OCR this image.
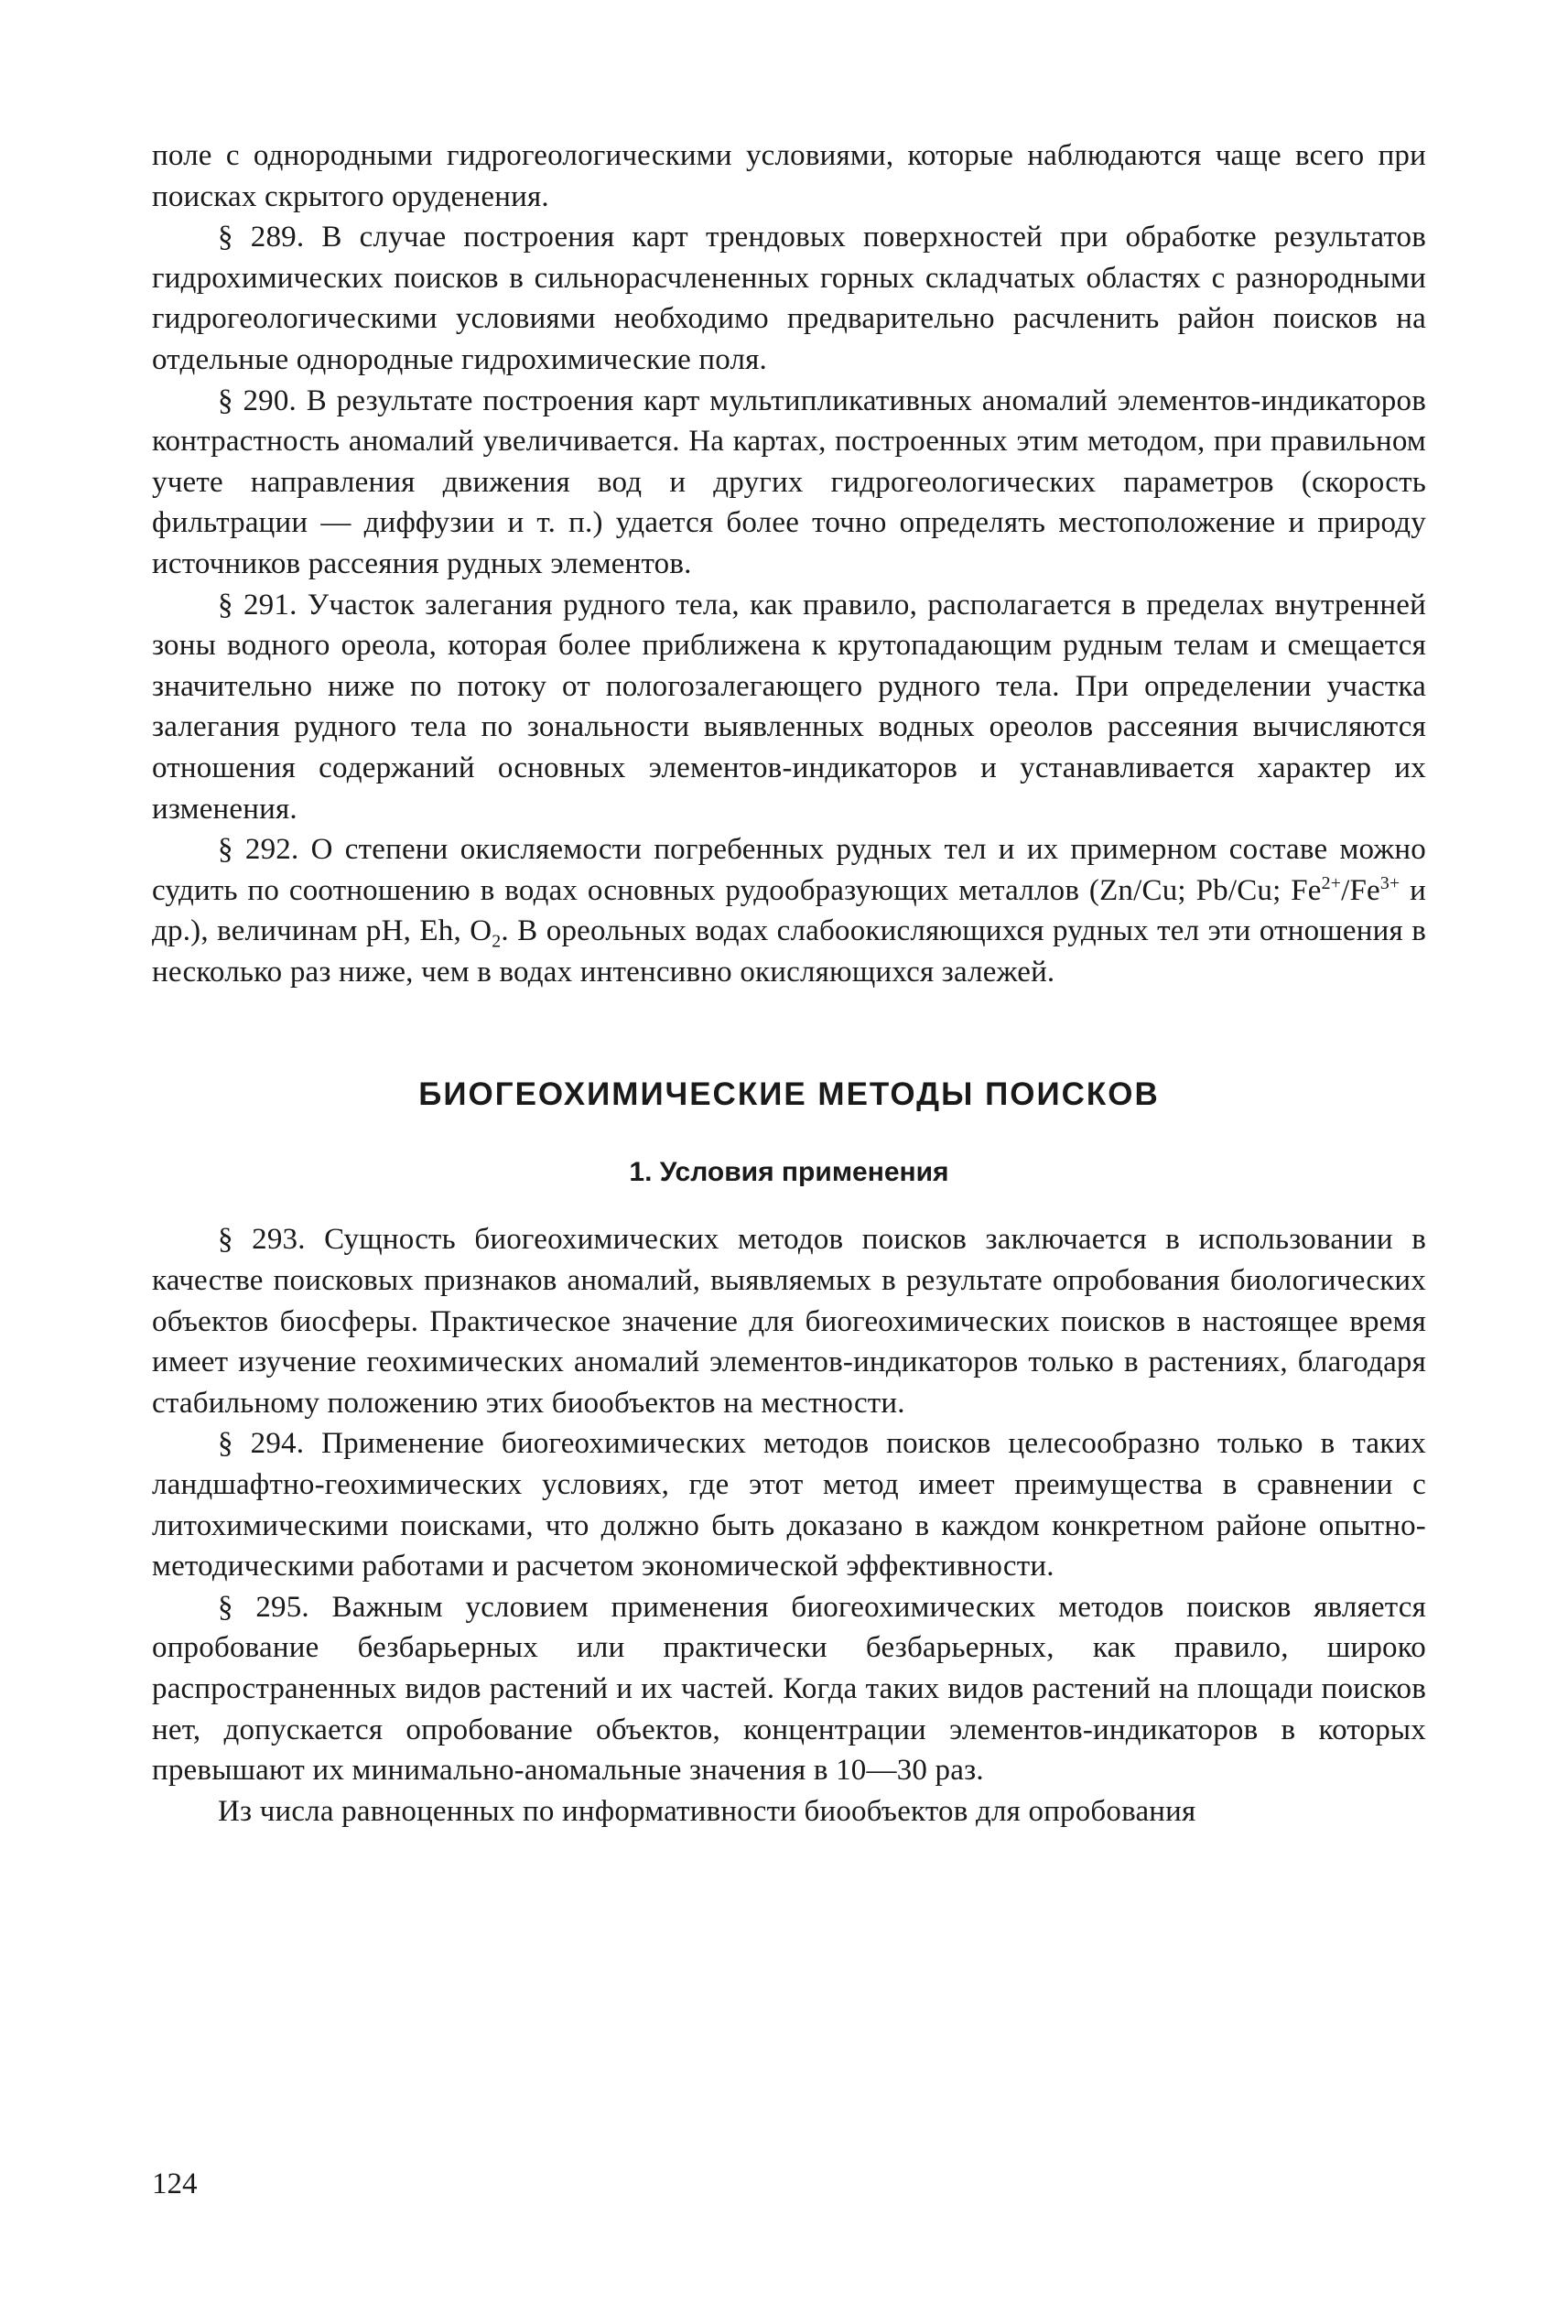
поле с однородными гидрогеологическими условиями, которые наблюдаются чаще всего при поисках скрытого оруденения.

§ 289. В случае построения карт трендовых поверхностей при обработке результатов гидрохимических поисков в сильнорасчлененных горных складчатых областях с разнородными гидрогеологическими условиями необходимо предварительно расчленить район поисков на отдельные однородные гидрохимические поля.

§ 290. В результате построения карт мультипликативных аномалий элементов-индикаторов контрастность аномалий увеличивается. На картах, построенных этим методом, при правильном учете направления движения вод и других гидрогеологических параметров (скорость фильтрации — диффузии и т. п.) удается более точно определять местоположение и природу источников рассеяния рудных элементов.

§ 291. Участок залегания рудного тела, как правило, располагается в пределах внутренней зоны водного ореола, которая более приближена к крутопадающим рудным телам и смещается значительно ниже по потоку от пологозалегающего рудного тела. При определении участка залегания рудного тела по зональности выявленных водных ореолов рассеяния вычисляются отношения содержаний основных элементов-индикаторов и устанавливается характер их изменения.

§ 292. О степени окисляемости погребенных рудных тел и их примерном составе можно судить по соотношению в водах основных рудообразующих металлов (Zn/Cu; Pb/Cu; $Fe^{2+}/Fe^{3+}$ и др.), величинам pH, Eh, $O_2$. В ореольных водах слабоокисляющихся рудных тел эти отношения в несколько раз ниже, чем в водах интенсивно окисляющихся залежей.

БИОГЕОХИМИЧЕСКИЕ МЕТОДЫ ПОИСКОВ
1. Условия применения

§ 293. Сущность биогеохимических методов поисков заключается в использовании в качестве поисковых признаков аномалий, выявляемых в результате опробования биологических объектов биосферы. Практическое значение для биогеохимических поисков в настоящее время имеет изучение геохимических аномалий элементов-индикаторов только в растениях, благодаря стабильному положению этих биообъектов на местности.

§ 294. Применение биогеохимических методов поисков целесообразно только в таких ландшафтно-геохимических условиях, где этот метод имеет преимущества в сравнении с литохимическими поисками, что должно быть доказано в каждом конкретном районе опытно-методическими работами и расчетом экономической эффективности.

§ 295. Важным условием применения биогеохимических методов поисков является опробование безбарьерных или практически безбарьерных, как правило, широко распространенных видов растений и их частей. Когда таких видов растений на площади поисков нет, допускается опробование объектов, концентрации элементов-индикаторов в которых превышают их минимально-аномальные значения в 10—30 раз.

Из числа равноценных по информативности биообъектов для опробования

124
